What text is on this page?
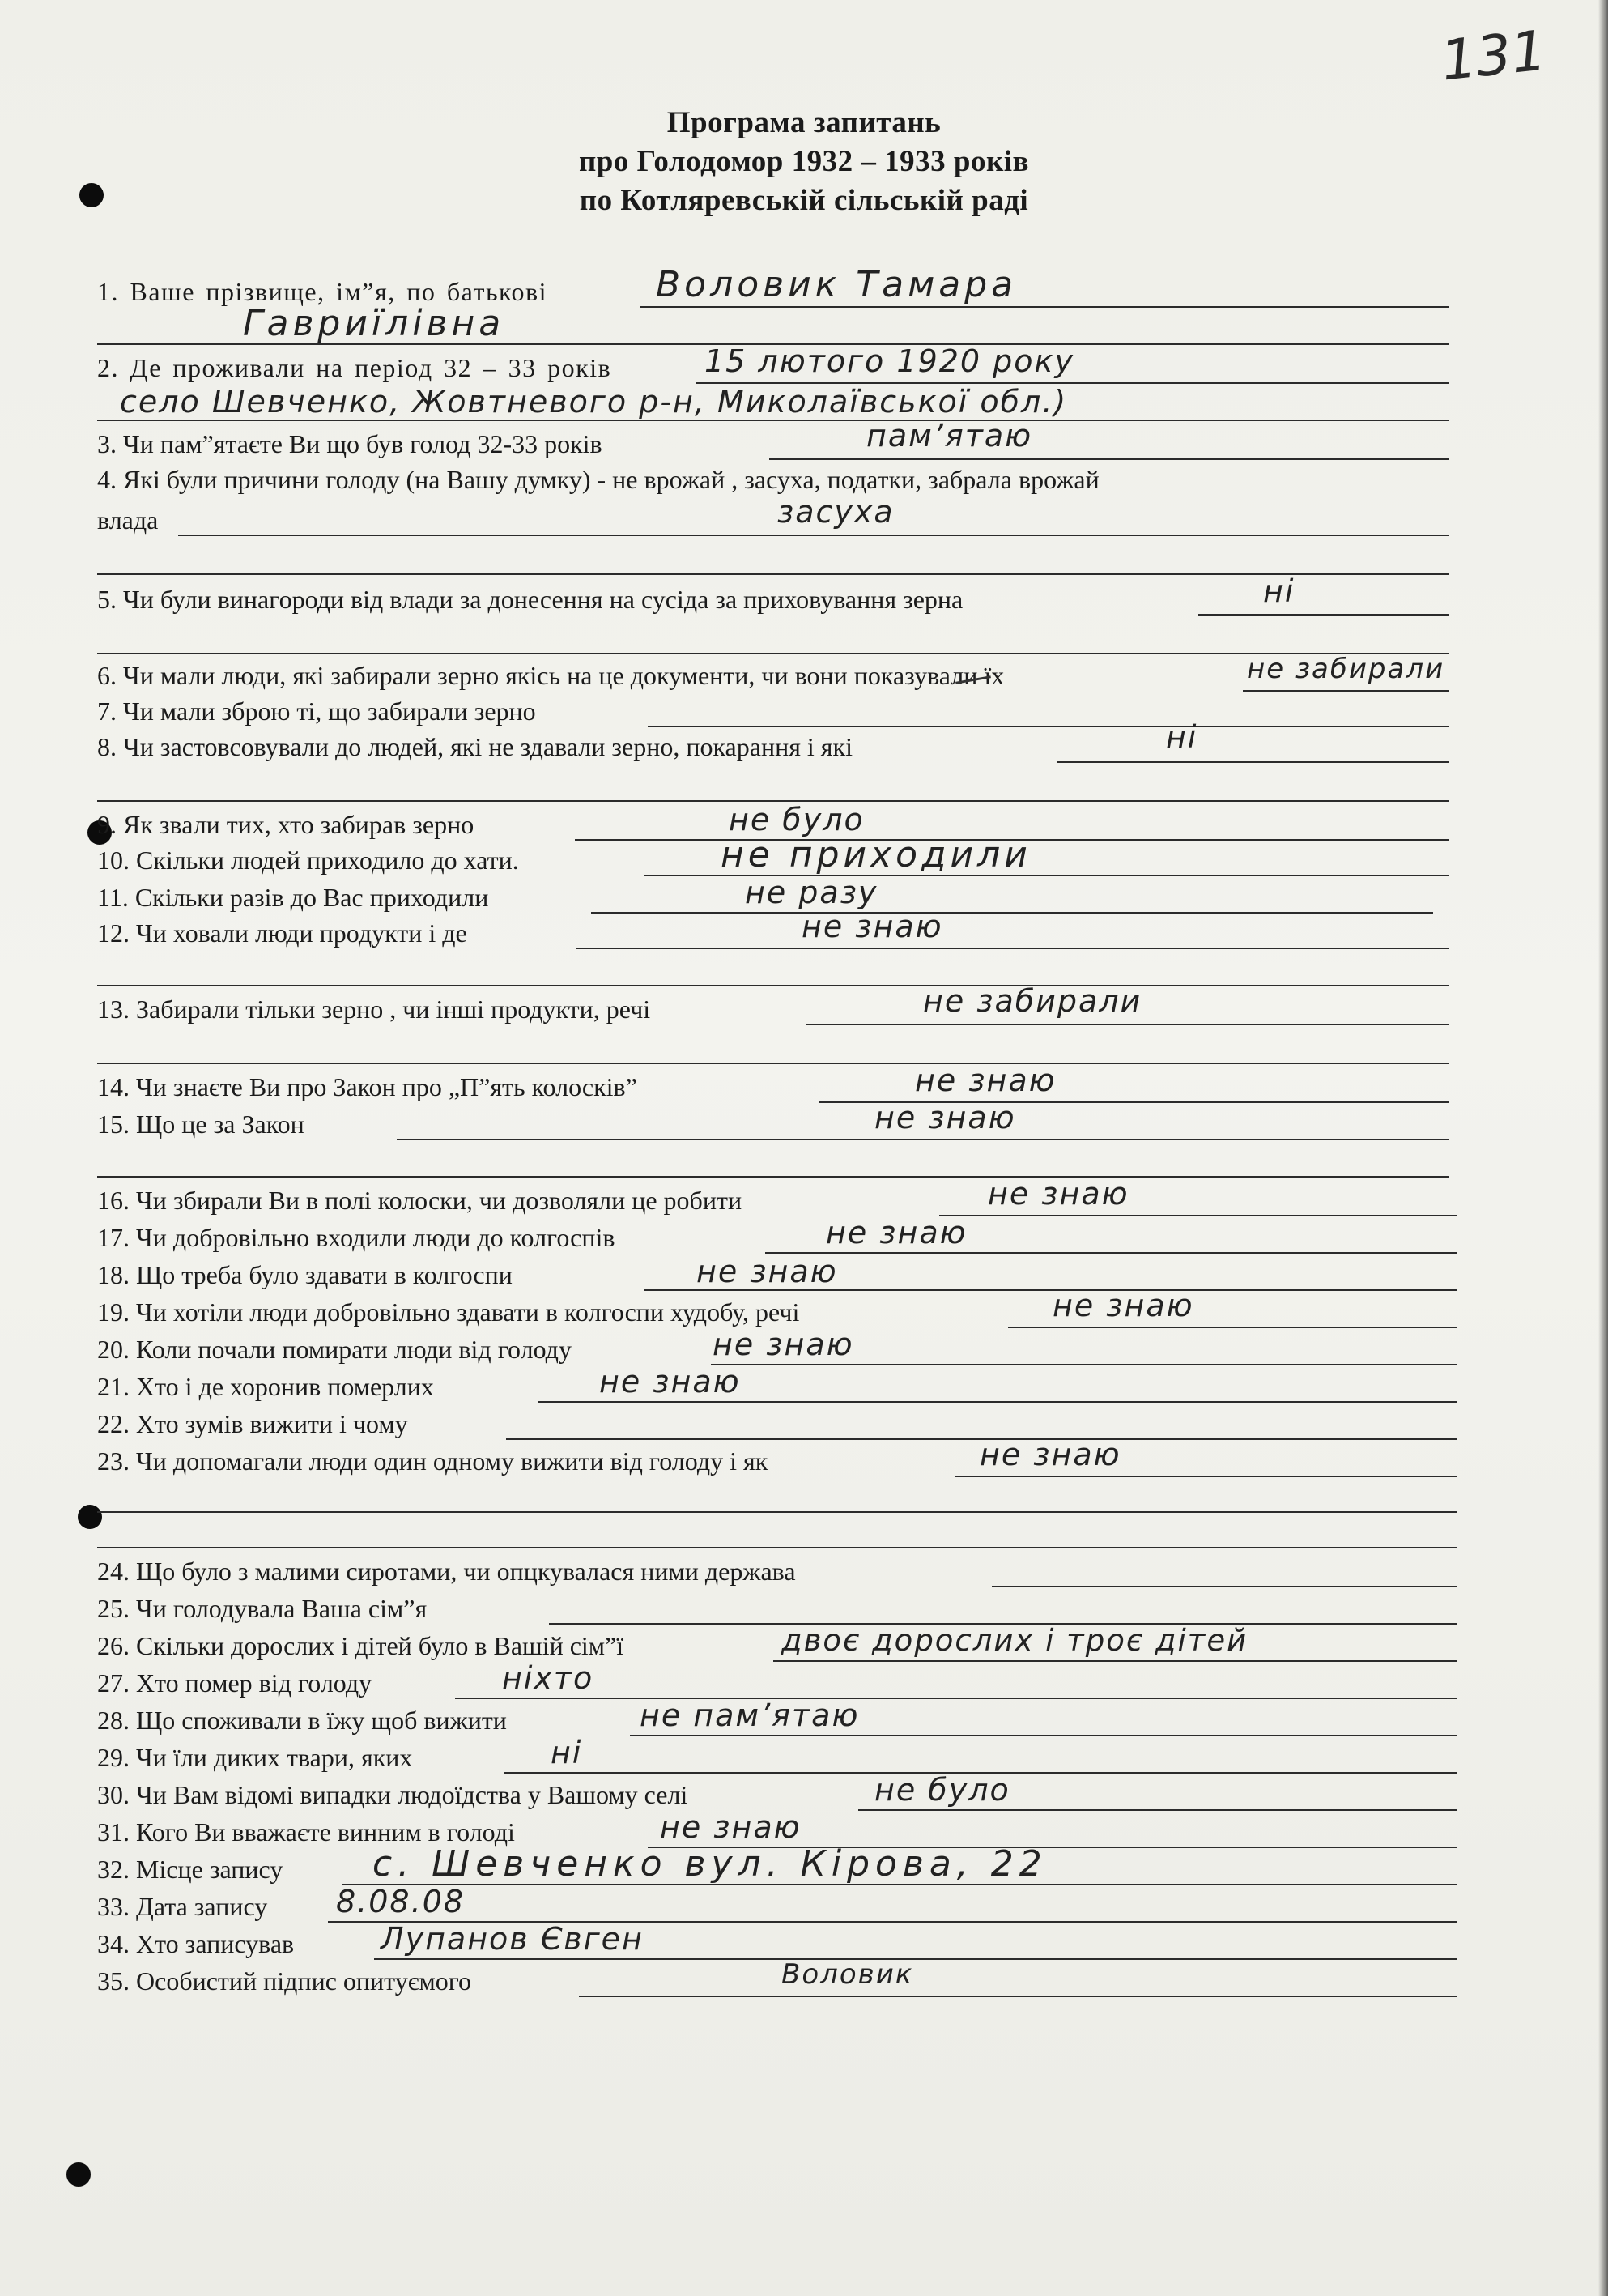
131
Програма запитань
про Голодомор 1932 – 1933 років
по Котляревській сільській раді
1. Ваше прізвище, ім”я, по батькові	Воловик Тамара
Гавриїлівна
2. Де проживали на період 32 – 33 років	15 лютого 1920 року
село Шевченко, Жовтневого р-н, Миколаївської обл.)
3. Чи пам”ятаєте Ви що був голод 32-33 років	пам’ятаю
4. Які були причини голоду (на Вашу думку) - не врожай , засуха, податки, забрала врожай
влада	засуха
5. Чи були винагороди від влади за донесення на сусіда за приховування зерна	ні
6. Чи мали люди, які забирали зерно якісь на це документи, чи вони показували їх	не забирали
7. Чи мали зброю ті, що забирали зерно
8. Чи застовсовували до людей, які не здавали зерно, покарання і які	ні
9. Як звали тих, хто забирав зерно	не було
10. Скільки людей приходило до хати.	не приходили
11. Скільки разів до Вас приходили	не разу
12. Чи ховали люди продукти і де	не знаю
13. Забирали тільки зерно , чи інші продукти, речі	не забирали
14. Чи знаєте Ви про Закон про „П”ять колосків”	не знаю
15. Що це за Закон	не знаю
16. Чи збирали Ви в полі колоски, чи дозволяли це робити	не знаю
17. Чи добровільно входили люди до колгоспів	не знаю
18. Що треба було здавати в колгоспи	не знаю
19. Чи хотіли люди добровільно здавати в колгоспи худобу, речі	не знаю
20. Коли почали помирати люди від голоду	не знаю
21. Хто і де хоронив померлих	не знаю
22. Хто зумів вижити і чому
23. Чи допомагали люди один одному вижити від голоду і як	не знаю
24. Що було з малими сиротами, чи опцкувалася ними держава
25. Чи голодувала Ваша сім”я
26. Скільки дорослих і дітей було в Вашій сім”ї	двоє дорослих і троє дітей
27. Хто помер від голоду	ніхто
28. Що споживали в їжу щоб вижити	не пам’ятаю
29. Чи їли диких твари, яких	ні
30. Чи Вам відомі випадки людоїдства у Вашому селі	не було
31. Кого Ви вважаєте винним в голоді	не знаю
32. Місце запису	с. Шевченко вул. Кірова, 22
33. Дата запису 8.08.08
34. Хто записував	Лупанов Євген
35. Особистий підпис опитуємого	Воловик
